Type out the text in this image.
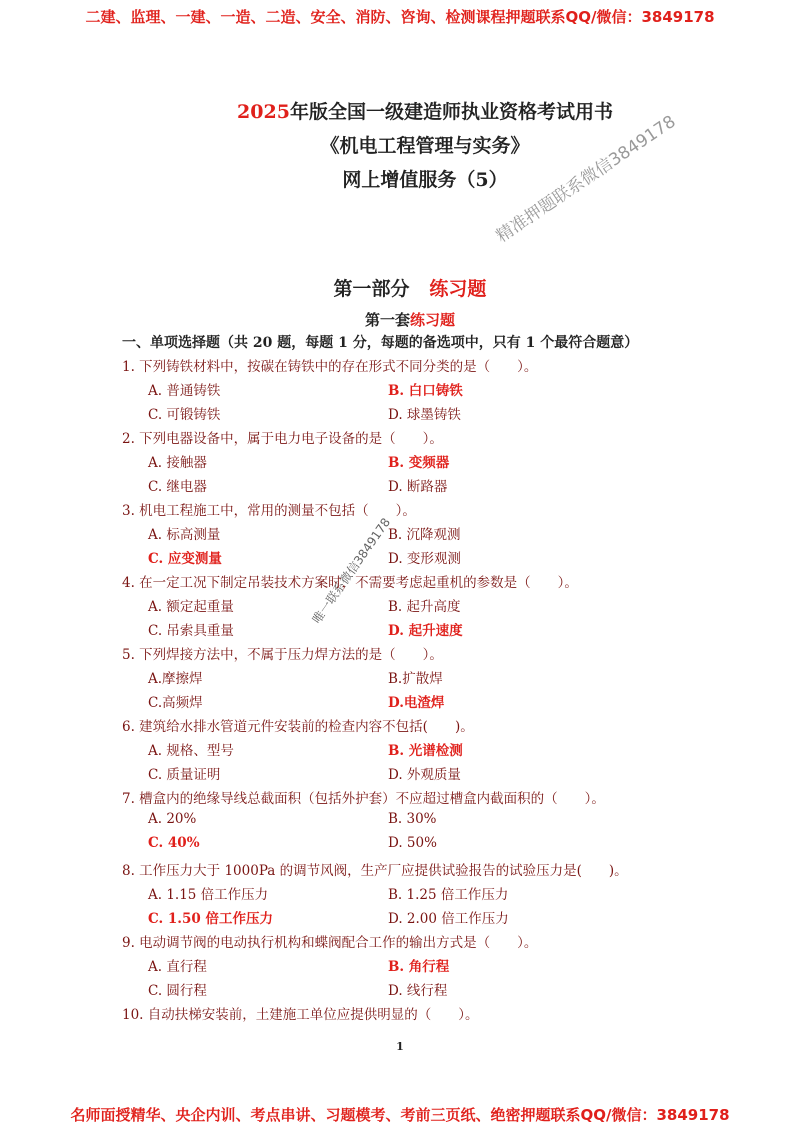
二建、监理、一建、一造、二造、安全、消防、咨询、检测课程押题联系QQ/微信：3849178
2025年版全国一级建造师执业资格考试用书
《机电工程管理与实务》
网上增值服务（5）
精准押题联系微信3849178
唯一联系微信3849178
第一部分 练习题
第一套练习题
一、单项选择题（共 20 题，每题 1 分，每题的备选项中，只有 1 个最符合题意）
1. 下列铸铁材料中，按碳在铸铁中的存在形式不同分类的是（　　）。
A. 普通铸铁	B. 白口铸铁
C. 可锻铸铁	D. 球墨铸铁
2. 下列电器设备中，属于电力电子设备的是（　　）。
A. 接触器	B. 变频器
C. 继电器	D. 断路器
3. 机电工程施工中，常用的测量不包括（　　）。
A. 标高测量	B. 沉降观测
C. 应变测量	D. 变形观测
4. 在一定工况下制定吊装技术方案时，不需要考虑起重机的参数是（　　）。
A. 额定起重量	B. 起升高度
C. 吊索具重量	D. 起升速度
5. 下列焊接方法中，不属于压力焊方法的是（　　）。
A.摩擦焊	B.扩散焊
C.高频焊	D.电渣焊
6. 建筑给水排水管道元件安装前的检查内容不包括(　　)。
A. 规格、型号	B. 光谱检测
C. 质量证明	D. 外观质量
7. 槽盒内的绝缘导线总截面积（包括外护套）不应超过槽盒内截面积的（　　）。
A. 20%	B. 30%
C. 40%	D. 50%
8. 工作压力大于 1000Pa 的调节风阀，生产厂应提供试验报告的试验压力是(　　)。
A. 1.15 倍工作压力	B. 1.25 倍工作压力
C. 1.50 倍工作压力	D. 2.00 倍工作压力
9. 电动调节阀的电动执行机构和蝶阀配合工作的输出方式是（　　）。
A. 直行程	B. 角行程
C. 圆行程	D. 线行程
10. 自动扶梯安装前，土建施工单位应提供明显的（　　）。
1
名师面授精华、央企内训、考点串讲、习题模考、考前三页纸、绝密押题联系QQ/微信：3849178
